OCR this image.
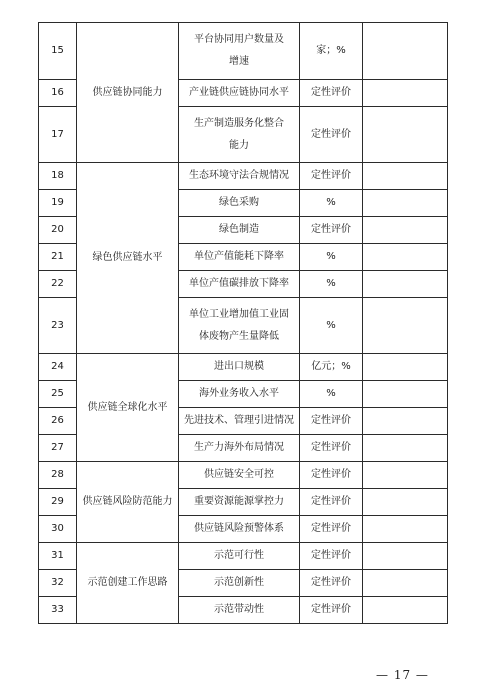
15	供应链协同能力	平台协同用户数量及增速	家；%	
16		产业链供应链协同水平	定性评价	
17		生产制造服务化整合能力	定性评价	
18	绿色供应链水平	生态环境守法合规情况	定性评价	
19		绿色采购	%	
20		绿色制造	定性评价	
21		单位产值能耗下降率	%	
22		单位产值碳排放下降率	%	
23		单位工业增加值工业固体废物产生量降低	%	
24	供应链全球化水平	进出口规模	亿元；%	
25		海外业务收入水平	%	
26		先进技术、管理引进情况	定性评价	
27		生产力海外布局情况	定性评价	
28	供应链风险防范能力	供应链安全可控	定性评价	
29		重要资源能源掌控力	定性评价	
30		供应链风险预警体系	定性评价	
31	示范创建工作思路	示范可行性	定性评价	
32		示范创新性	定性评价	
33		示范带动性	定性评价	
— 17 —
